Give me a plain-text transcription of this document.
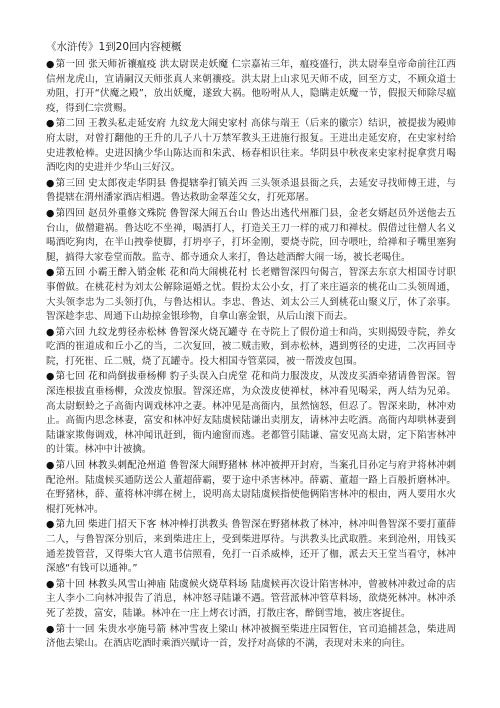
《水浒传》1到20回内容梗概
●第一回 张天师祈禳瘟疫 洪太尉误走妖魔 仁宗嘉祐三年，瘟疫盛行，洪太尉奉皇帝命前往江西信州龙虎山，宣请嗣汉天师张真人来朝禳疫。洪太尉上山求见天师不成，回至方丈，不顾众道士劝阻，打开“伏魔之殿”，放出妖魔，遂致大祸。他吩咐从人，隐瞒走妖魔一节，假报天师除尽瘟疫，得到仁宗赏赐。
●第二回 王教头私走延安府 九纹龙大闹史家村 高俅与端王（后来的徽宗）结识，被提拔为殿帅府太尉，对曾打翻他的王升的儿子八十万禁军教头王进施行报复。王进出走延安府，在史家村给史进教枪棒。史进因擒少华山陈达而和朱武、杨春相识往来。华阴县中秋夜来史家村捉拿赏月喝酒吃肉的史进并少华山三好汉。
●第三回 史太郎夜走华阴县 鲁提辖拳打镇关西 三头领杀退县衙之兵，去延安寻找师傅王进，与鲁提辖在渭州潘家酒店相遇。鲁达救助金翠莲父女，打死郑屠。
●第四回 赵员外重修文殊院 鲁智深大闹五台山 鲁达出逃代州雁门县，金老女婿赵员外送他去五台山，做僧避祸。鲁达吃不坐禅，喝酒打人，打造关王刀一样的戒刀和禅杖。假借过往僧人名义喝酒吃狗肉，在半山拽拳使脚，打坍亭子，打坏金刚，要烧寺院，回寺喂吐，给禅和子嘴里塞狗腿，搞得大家卷堂而散。监寺、都寺通众人来打，鲁达趁酒醉大闹一场，被长老喝住。
●第五回 小霸王醉入销金帐 花和尚大闹桃花村 长老赠智深四句偈言，智深去东京大相国寺讨职事僧做。在桃花村为刘太公解除逼婚之忧。假扮太公小女，打了来庄逼亲的桃花山二头领周通，大头领李忠为二头领打仇，与鲁达相认。李忠、鲁达、刘太公三人到桃花山聚义厅，休了亲事。智深趁李忠、周通下山劫掠金银珍物，自拿山寨金银，从后山滚下而去。
●第六回 九纹龙剪径赤松林 鲁智深火烧瓦罐寺 在寺院上了假份道士和尚，实则揭毁寺院，养女吃酒的崔道成和丘小乙的当，二次复回，被二贼击败，到赤松林，遇到剪径的史进，二次再回寺院，打死崔、丘二贼，烧了瓦罐寺。投大相国寺管菜园，被一帮泼皮包围。
●第七回 花和尚倒拔垂杨柳 豹子头误入白虎堂 花和尚力服泼皮，从泼皮买酒牵猪请鲁智深。智深连根拔直垂杨柳，众泼皮惊服。智深还席，为众泼皮使禅杖，林冲看见喝采，两人结为兄弟。高太尉螟蛉之子高衙内调戏林冲之妻。林冲见是高衙内，虽然恼怒，但忍了。智深来助，林冲劝止。高衙内思念林妻，富安和林冲好友陆虞候陆谦出卖朋友，请林冲去吃酒。高衙内却哄林妻到陆谦家欺侮调戏，林冲闻讯赶到，衙内逾窗而逃。老都管引陆谦、富安见高太尉，定下陷害林冲的计策。林冲中计被擒。
●第八回 林教头刺配沧州道 鲁智深大闹野猪林 林冲被押开封府，当案孔目孙定与府尹将林冲刺配沧州。陆虞候买通防送公人董超薛霸，要于途中杀害林冲。薛霸、董超一路上百般折磨林冲。在野猪林，薛、董将林冲绑在树上，说明高太尉陆虞候指使他俩陷害林冲的根由，两人要用水火棍打死林冲。
●第九回 柴进门招天下客 林冲棒打洪教头 鲁智深在野猪林救了林冲，林冲叫鲁智深不要打董薛二人，与鲁智深分别后，来到柴进庄上，受到柴进厚待。与洪教头比武取胜。来到沧州，用钱买通差拨管营，又得柴大官人遣书信照看，免打一百杀威棒，还开了枷，派去天王堂当看守，林冲深感“有钱可以通神。”
●第十回 林教头风雪山神庙 陆虞候火烧草料场 陆虞候再次设计陷害林冲，曾被林冲救过命的店主人李小二向林冲报告了消息，林冲怒寻陆谦不遇。管营派林冲管草料场，欲烧死林冲。林冲杀死了差拨，富安，陆谦。林冲在一庄上烤衣讨酒，打散庄客，醉倒雪地，被庄客捉住。
●第十一回 朱贵水亭施号箭 林冲雪夜上梁山 林冲被搁至柴进庄园暂住，官司追捕甚急，柴进周济他去梁山。在酒店吃酒时乘酒兴赋诗一首，发抒对高俅的不满，表现对未来的向往。
